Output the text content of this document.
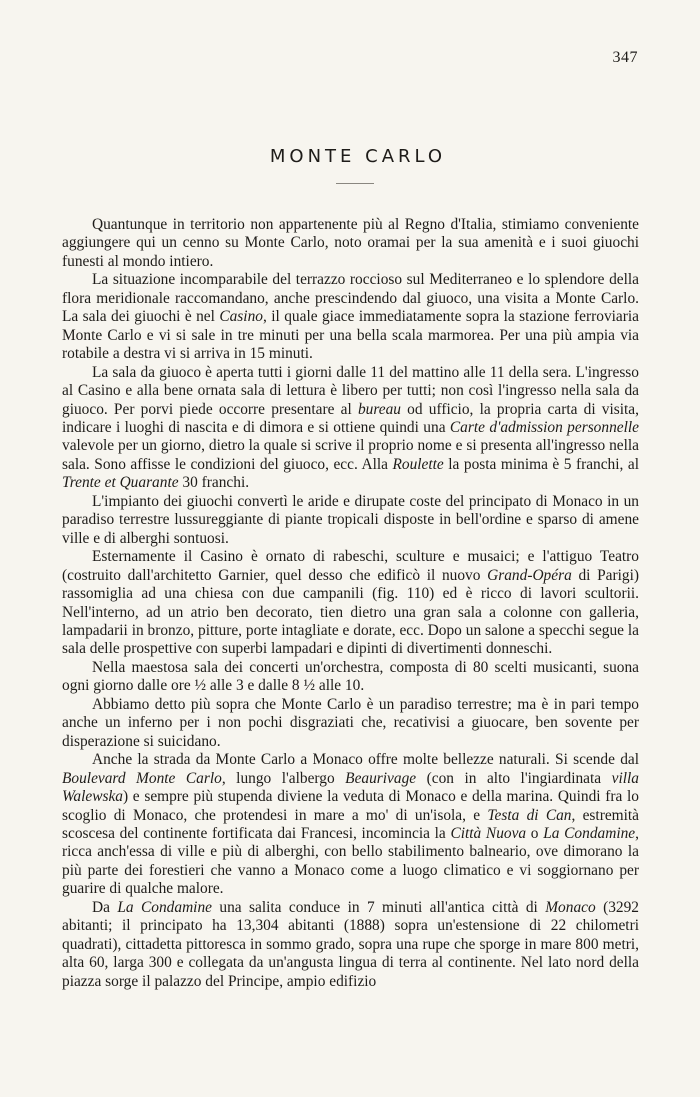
347
MONTE CARLO

Quantunque in territorio non appartenente più al Regno d'Italia, stimiamo conveniente aggiungere qui un cenno su Monte Carlo, noto oramai per la sua amenità e i suoi giuochi funesti al mondo intiero.

La situazione incomparabile del terrazzo roccioso sul Mediterraneo e lo splendore della flora meridionale raccomandano, anche prescindendo dal giuoco, una visita a Monte Carlo. La sala dei giuochi è nel Casino, il quale giace immediatamente sopra la stazione ferroviaria Monte Carlo e vi si sale in tre minuti per una bella scala marmorea. Per una più ampia via rotabile a destra vi si arriva in 15 minuti.

La sala da giuoco è aperta tutti i giorni dalle 11 del mattino alle 11 della sera. L'ingresso al Casino e alla bene ornata sala di lettura è libero per tutti; non così l'ingresso nella sala da giuoco. Per porvi piede occorre presentare al bureau od ufficio, la propria carta di visita, indicare i luoghi di nascita e di dimora e si ottiene quindi una Carte d'admission personnelle valevole per un giorno, dietro la quale si scrive il proprio nome e si presenta all'ingresso nella sala. Sono affisse le condizioni del giuoco, ecc. Alla Roulette la posta minima è 5 franchi, al Trente et Quarante 30 franchi.

L'impianto dei giuochi convertì le aride e dirupate coste del principato di Monaco in un paradiso terrestre lussureggiante di piante tropicali disposte in bell'ordine e sparso di amene ville e di alberghi sontuosi.

Esternamente il Casino è ornato di rabeschi, sculture e musaici; e l'attiguo Teatro (costruito dall'architetto Garnier, quel desso che edificò il nuovo Grand-Opéra di Parigi) rassomiglia ad una chiesa con due campanili (fig. 110) ed è ricco di lavori scultorii. Nell'interno, ad un atrio ben decorato, tien dietro una gran sala a colonne con galleria, lampadarii in bronzo, pitture, porte intagliate e dorate, ecc. Dopo un salone a specchi segue la sala delle prospettive con superbi lampadari e dipinti di divertimenti donneschi.

Nella maestosa sala dei concerti un'orchestra, composta di 80 scelti musicanti, suona ogni giorno dalle ore ½ alle 3 e dalle 8 ½ alle 10.

Abbiamo detto più sopra che Monte Carlo è un paradiso terrestre; ma è in pari tempo anche un inferno per i non pochi disgraziati che, recativisi a giuocare, ben sovente per disperazione si suicidano.

Anche la strada da Monte Carlo a Monaco offre molte bellezze naturali. Si scende dal Boulevard Monte Carlo, lungo l'albergo Beaurivage (con in alto l'ingiardinata villa Walewska) e sempre più stupenda diviene la veduta di Monaco e della marina. Quindi fra lo scoglio di Monaco, che protendesi in mare a mo' di un'isola, e Testa di Can, estremità scoscesa del continente fortificata dai Francesi, incomincia la Città Nuova o La Condamine, ricca anch'essa di ville e più di alberghi, con bello stabilimento balneario, ove dimorano la più parte dei forestieri che vanno a Monaco come a luogo climatico e vi soggiornano per guarire di qualche malore.

Da La Condamine una salita conduce in 7 minuti all'antica città di Monaco (3292 abitanti; il principato ha 13,304 abitanti (1888) sopra un'estensione di 22 chilometri quadrati), cittadetta pittoresca in sommo grado, sopra una rupe che sporge in mare 800 metri, alta 60, larga 300 e collegata da un'angusta lingua di terra al continente. Nel lato nord della piazza sorge il palazzo del Principe, ampio edifizio
